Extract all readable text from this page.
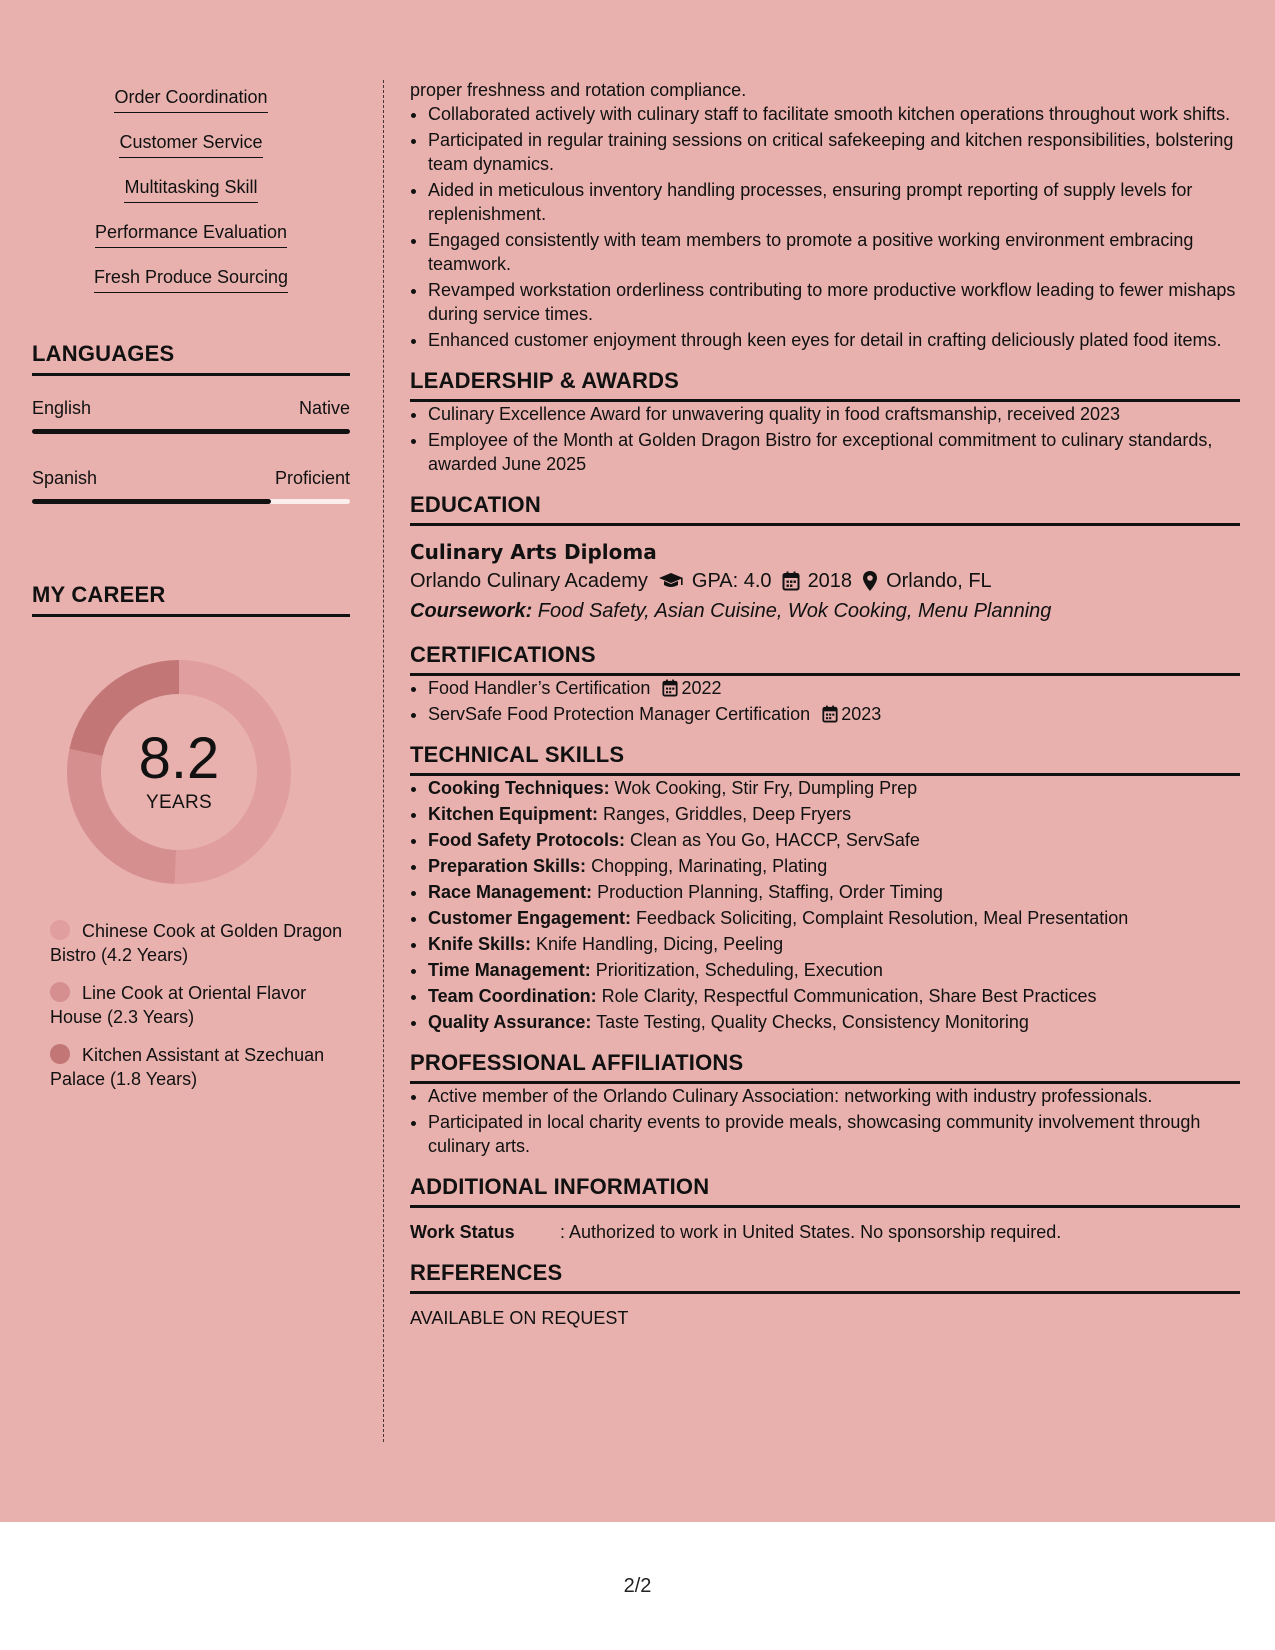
Order Coordination
Customer Service
Multitasking Skill
Performance Evaluation
Fresh Produce Sourcing
LANGUAGES
English	Native
Spanish	Proficient
MY CAREER
8.2
YEARS
Chinese Cook at Golden Dragon Bistro (4.2 Years)
Line Cook at Oriental Flavor House (2.3 Years)
Kitchen Assistant at Szechuan Palace (1.8 Years)

proper freshness and rotation compliance.

• Collaborated actively with culinary staff to facilitate smooth kitchen operations throughout work shifts.
• Participated in regular training sessions on critical safekeeping and kitchen responsibilities, bolstering team dynamics.
• Aided in meticulous inventory handling processes, ensuring prompt reporting of supply levels for replenishment.
• Engaged consistently with team members to promote a positive working environment embracing teamwork.
• Revamped workstation orderliness contributing to more productive workflow leading to fewer mishaps during service times.
• Enhanced customer enjoyment through keen eyes for detail in crafting deliciously plated food items.
LEADERSHIP & AWARDS
• Culinary Excellence Award for unwavering quality in food craftsmanship, received 2023
• Employee of the Month at Golden Dragon Bistro for exceptional commitment to culinary standards, awarded June 2025
EDUCATION

Culinary Arts Diploma

Orlando Culinary Academy GPA: 4.0 2018 Orlando, FL
Coursework: Food Safety, Asian Cuisine, Wok Cooking, Menu Planning
CERTIFICATIONS
• Food Handler’s Certification 2022
• ServSafe Food Protection Manager Certification 2023
TECHNICAL SKILLS
• Cooking Techniques: Wok Cooking, Stir Fry, Dumpling Prep
• Kitchen Equipment: Ranges, Griddles, Deep Fryers
• Food Safety Protocols: Clean as You Go, HACCP, ServSafe
• Preparation Skills: Chopping, Marinating, Plating
• Race Management: Production Planning, Staffing, Order Timing
• Customer Engagement: Feedback Soliciting, Complaint Resolution, Meal Presentation
• Knife Skills: Knife Handling, Dicing, Peeling
• Time Management: Prioritization, Scheduling, Execution
• Team Coordination: Role Clarity, Respectful Communication, Share Best Practices
• Quality Assurance: Taste Testing, Quality Checks, Consistency Monitoring
PROFESSIONAL AFFILIATIONS
• Active member of the Orlando Culinary Association: networking with industry professionals.
• Participated in local charity events to provide meals, showcasing community involvement through culinary arts.
ADDITIONAL INFORMATION
Work Status	: Authorized to work in United States. No sponsorship required.
REFERENCES

AVAILABLE ON REQUEST

2/2
